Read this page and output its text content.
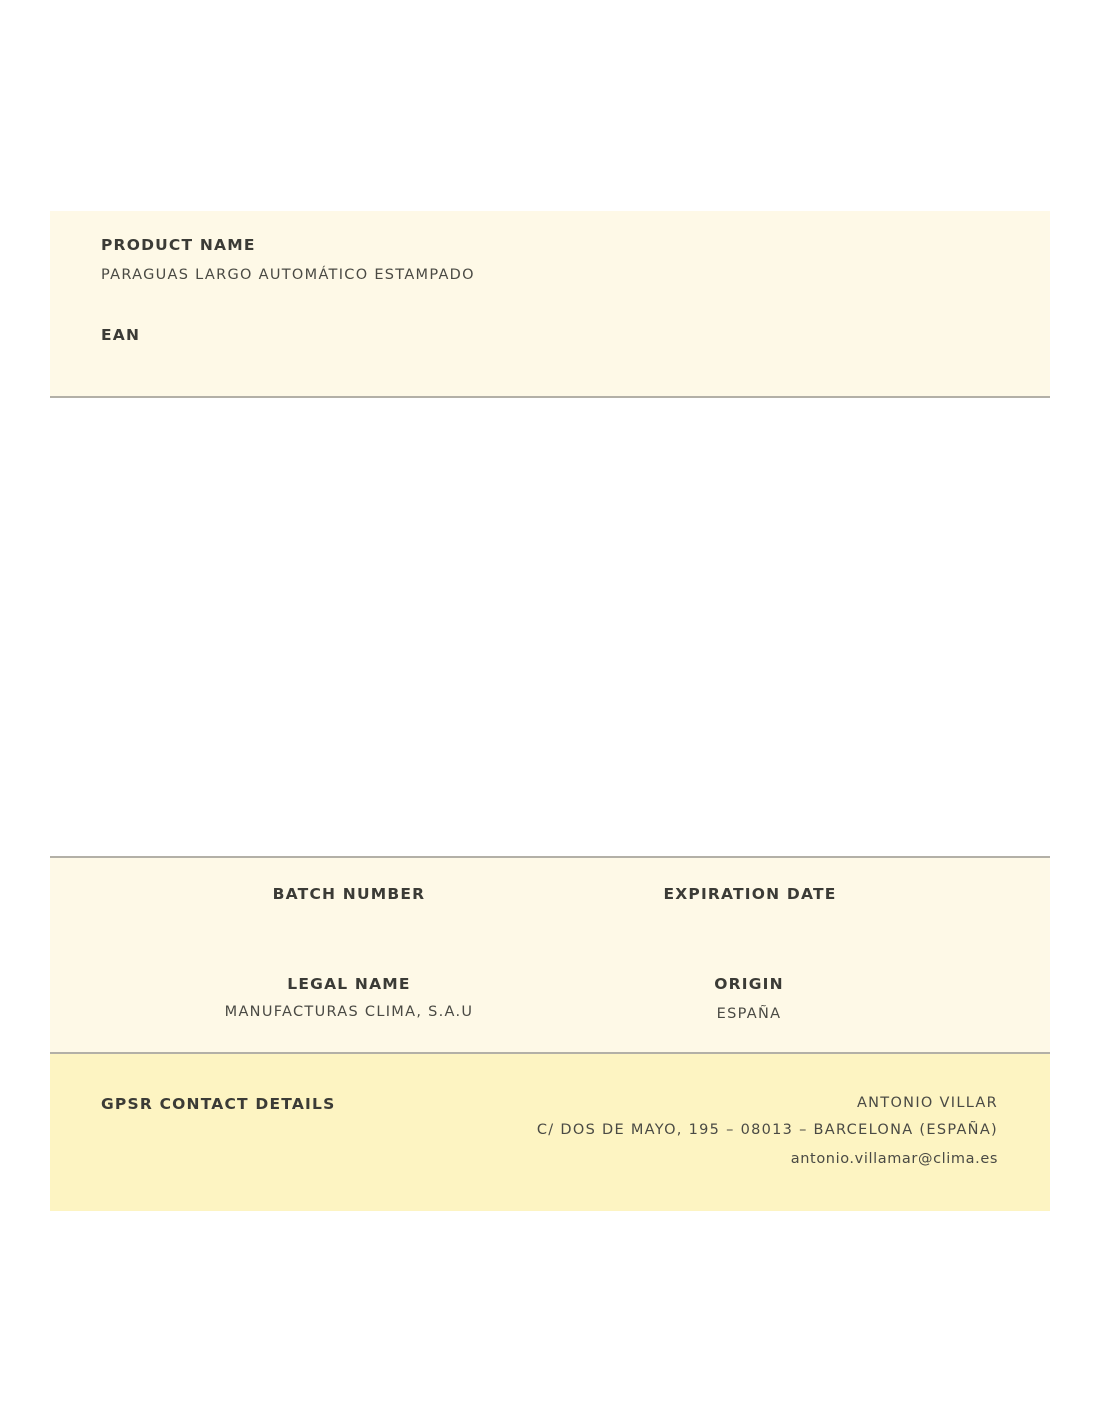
PRODUCT NAME
PARAGUAS LARGO AUTOMÁTICO ESTAMPADO
EAN
BATCH NUMBER	EXPIRATION DATE
LEGAL NAME
MANUFACTURAS CLIMA, S.A.U
ORIGIN
ESPAÑA
GPSR CONTACT DETAILS	ANTONIO VILLAR
C/ DOS DE MAYO, 195 – 08013 – BARCELONA (ESPAÑA)
antonio.villamar@clima.es
